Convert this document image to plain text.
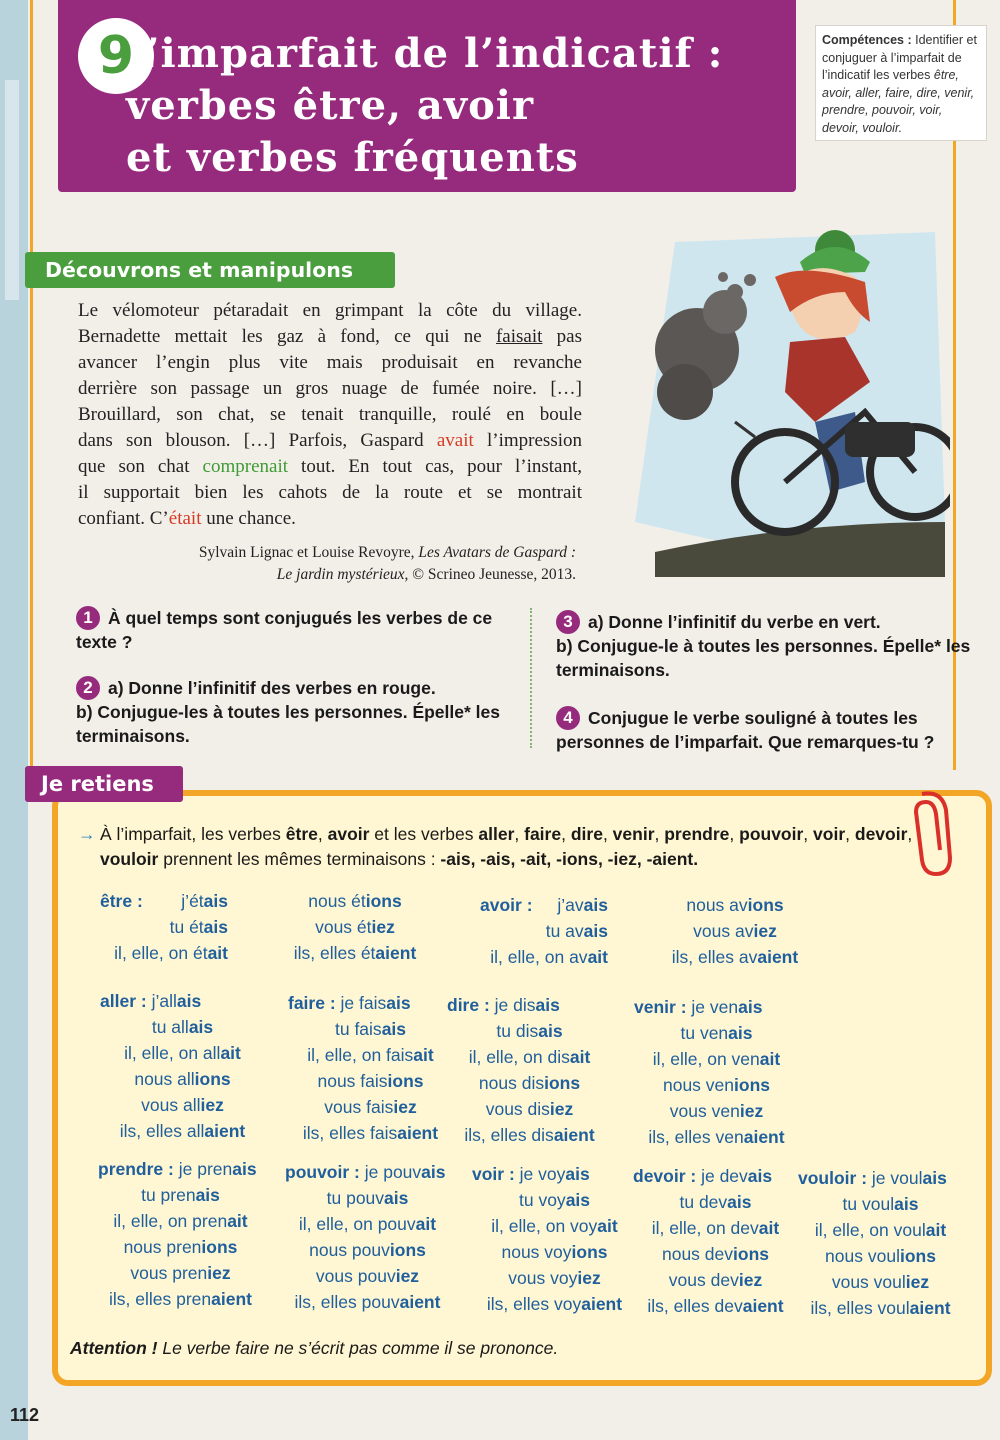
9
L’imparfait de l’indicatif :
verbes être, avoir
et verbes fréquents
Compétences : Identifier et conjuguer à l’imparfait de l’indicatif les verbes être, avoir, aller, faire, dire, venir, prendre, pouvoir, voir, devoir, vouloir.
Découvrons et manipulons
Le vélomoteur pétaradait en grimpant la côte du village.
Bernadette mettait les gaz à fond, ce qui ne faisait pas
avancer l’engin plus vite mais produisait en revanche
derrière son passage un gros nuage de fumée noire. […]
Brouillard, son chat, se tenait tranquille, roulé en boule
dans son blouson. […] Parfois, Gaspard avait l’impression
que son chat comprenait tout. En tout cas, pour l’instant,
il supportait bien les cahots de la route et se montrait
confiant. C’était une chance.
Sylvain Lignac et Louise Revoyre, Les Avatars de Gaspard :
Le jardin mystérieux, © Scrineo Jeunesse, 2013.
1 À quel temps sont conjugués les verbes de ce texte ?
2 a) Donne l’infinitif des verbes en rouge.
b) Conjugue-les à toutes les personnes. Épelle* les terminaisons.
3 a) Donne l’infinitif du verbe en vert.
b) Conjugue-le à toutes les personnes. Épelle* les terminaisons.
4 Conjugue le verbe souligné à toutes les personnes de l’imparfait. Que remarques-tu ?
Je retiens
→ À l’imparfait, les verbes être, avoir et les verbes aller, faire, dire, venir, prendre, pouvoir, voir, devoir, vouloir prennent les mêmes terminaisons : -ais, -ais, -ait, -ions, -iez, -aient.
être : j’étais
tu étais
il, elle, on était
nous étions
vous étiez
ils, elles étaient
avoir : j’avais
tu avais
il, elle, on avait
nous avions
vous aviez
ils, elles avaient
aller : j’allais
tu allais
il, elle, on allait
nous allions
vous alliez
ils, elles allaient
faire : je faisais
tu faisais
il, elle, on faisait
nous faisions
vous faisiez
ils, elles faisaient
dire : je disais
tu disais
il, elle, on disait
nous disions
vous disiez
ils, elles disaient
venir : je venais
tu venais
il, elle, on venait
nous venions
vous veniez
ils, elles venaient
prendre : je prenais
tu prenais
il, elle, on prenait
nous prenions
vous preniez
ils, elles prenaient
pouvoir : je pouvais
tu pouvais
il, elle, on pouvait
nous pouvions
vous pouviez
ils, elles pouvaient
voir : je voyais
tu voyais
il, elle, on voyait
nous voyions
vous voyiez
ils, elles voyaient
devoir : je devais
tu devais
il, elle, on devait
nous devions
vous deviez
ils, elles devaient
vouloir : je voulais
tu voulais
il, elle, on voulait
nous voulions
vous vouliez
ils, elles voulaient
Attention ! Le verbe faire ne s’écrit pas comme il se prononce.
112
